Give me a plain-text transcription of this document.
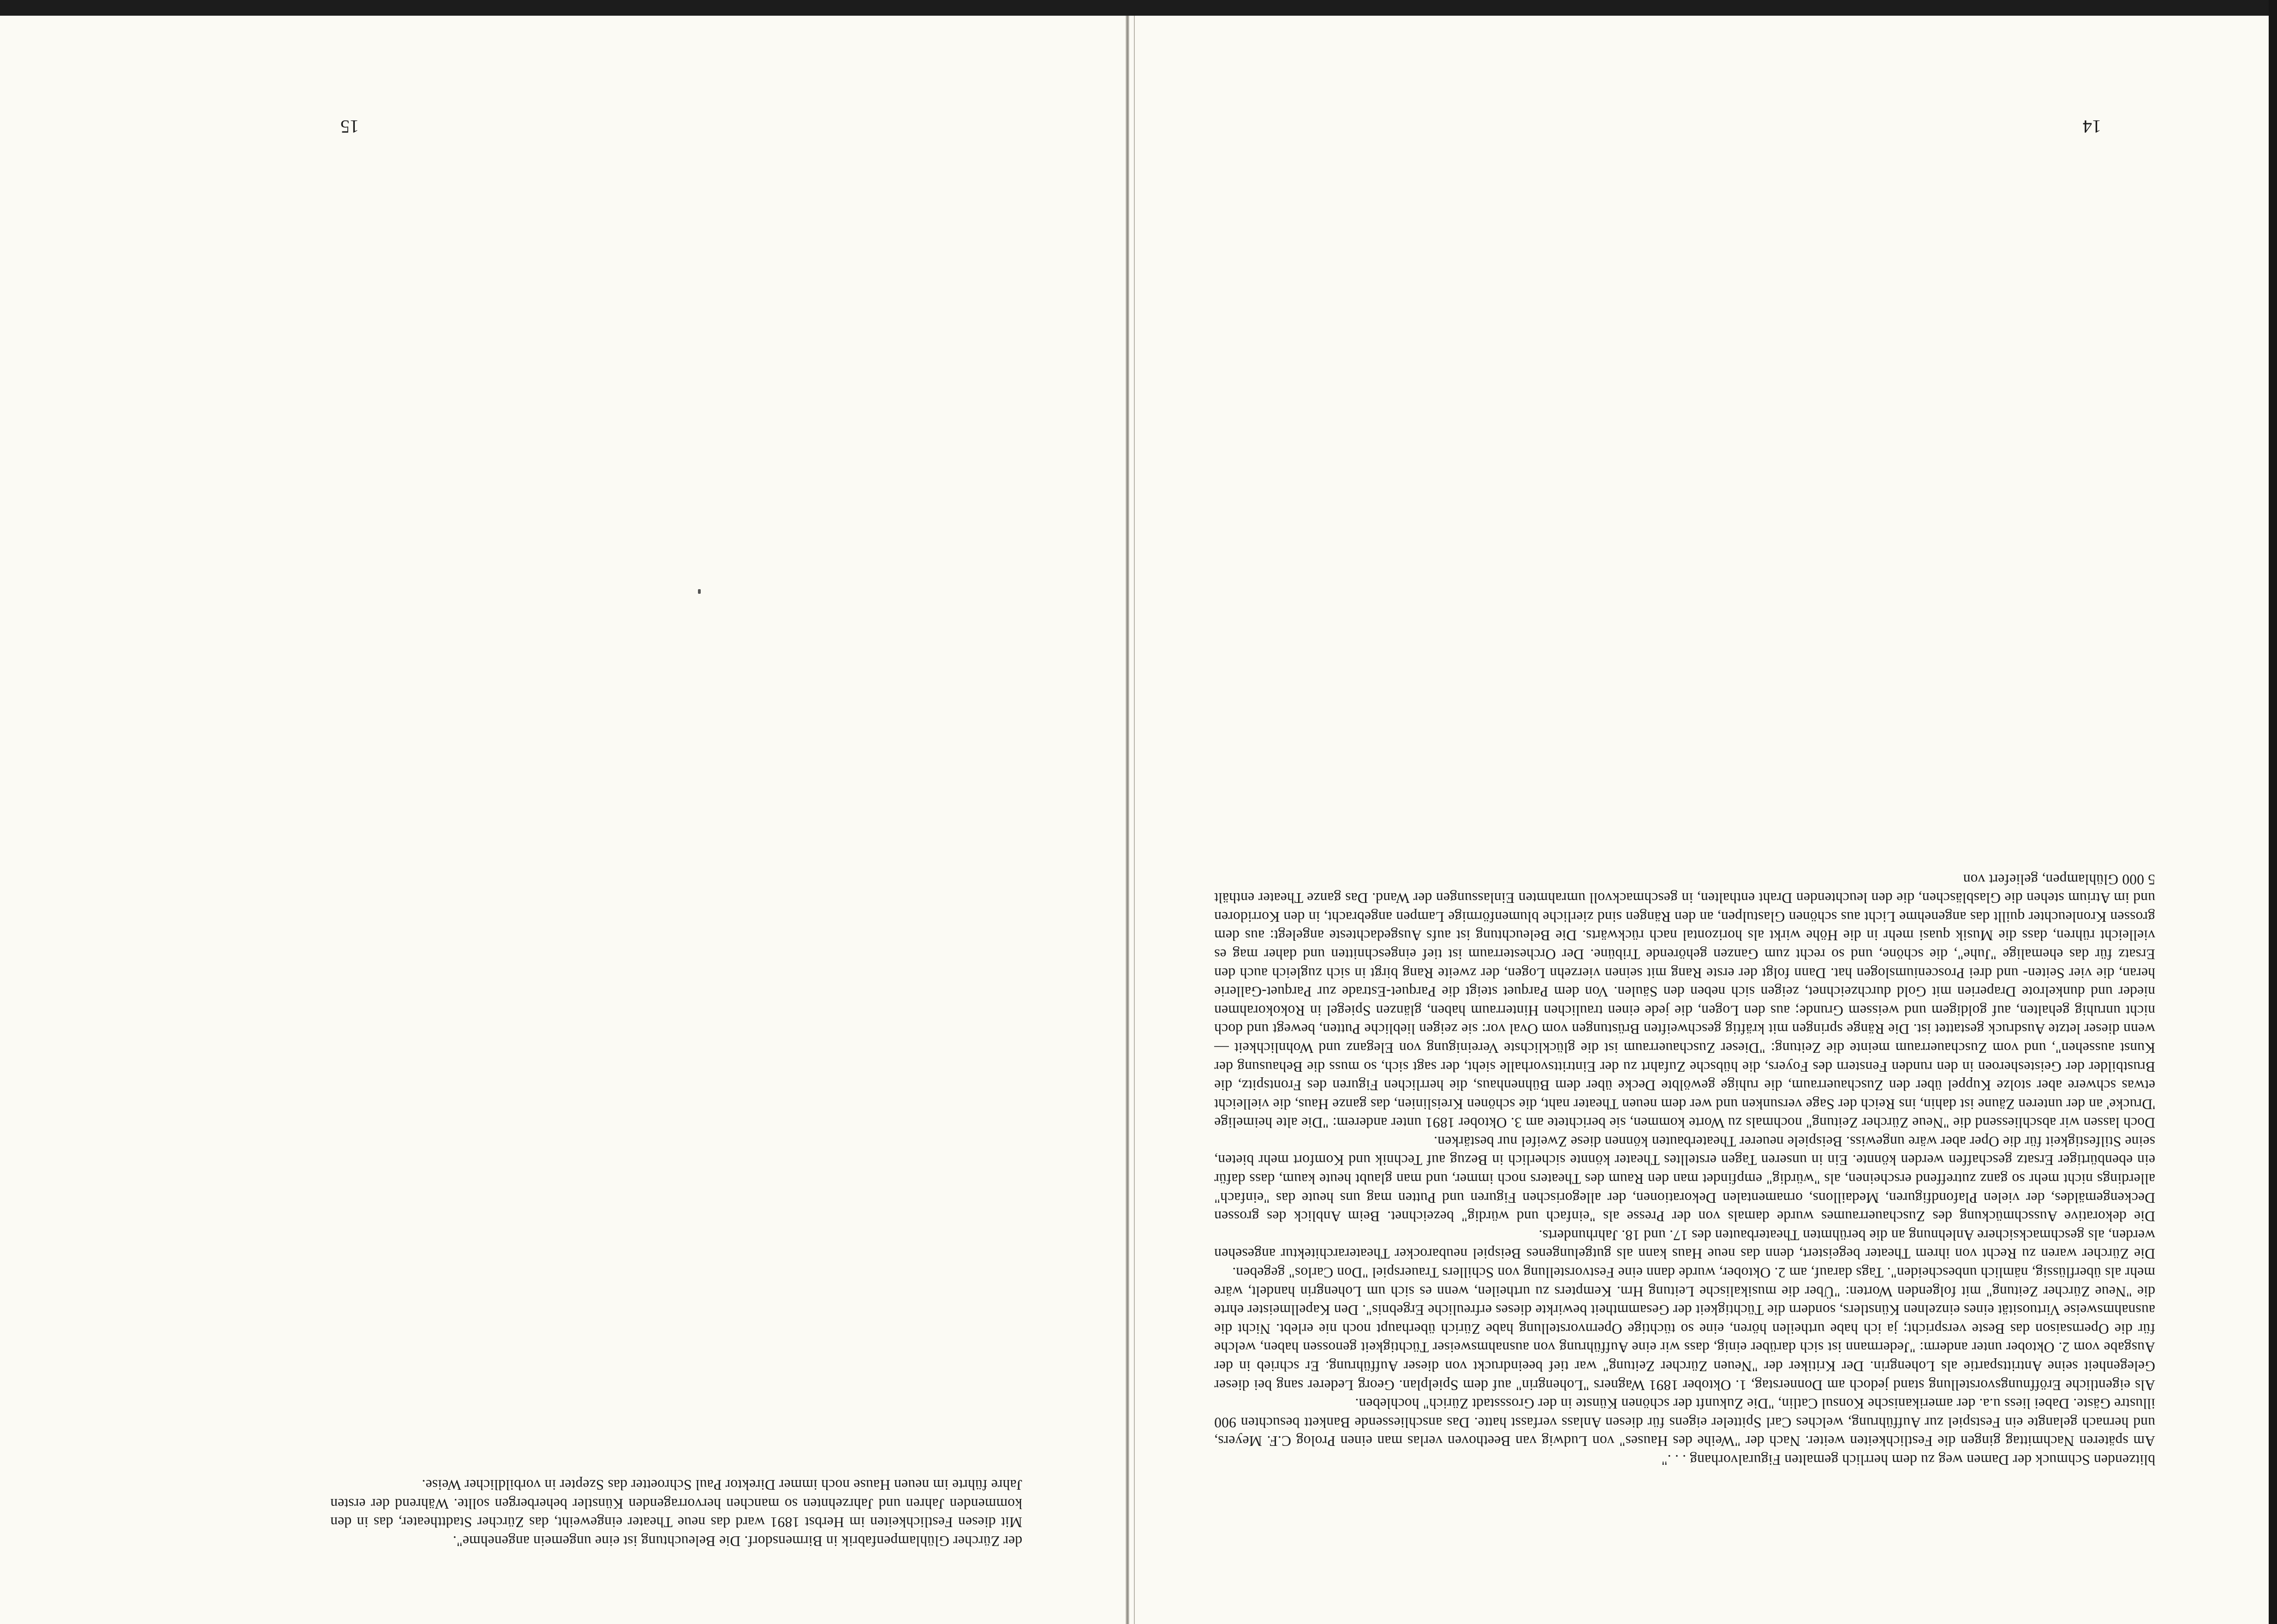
14

blitzenden Schmuck der Damen weg zu dem herrlich gemalten Figuralvorhang . . ."

Am späteren Nachmittag gingen die Festlichkeiten weiter. Nach der "Weihe des Hauses" von Ludwig van Beethoven verlas man einen Prolog C.F. Meyers, und hernach gelangte ein Festspiel zur Aufführung, welches Carl Spitteler eigens für diesen Anlass verfasst hatte. Das anschliessende Bankett besuchten 900 illustre Gäste. Dabei liess u.a. der amerikanische Konsul Catlin, "Die Zukunft der schönen Künste in der Grossstadt Zürich" hochleben.

Als eigentliche Eröffnungsvorstellung stand jedoch am Donnerstag, 1. Oktober 1891 Wagners "Lohengrin" auf dem Spielplan. Georg Lederer sang bei dieser Gelegenheit seine Antrittspartie als Lohengrin. Der Kritiker der "Neuen Zürcher Zeitung" war tief beeindruckt von dieser Aufführung. Er schrieb in der Ausgabe vom 2. Oktober unter anderm: "Jedermann ist sich darüber einig, dass wir eine Aufführung von ausnahmsweiser Tüchtigkeit genossen haben, welche für die Opernsaison das Beste verspricht; ja ich habe urtheilen hören, eine so tüchtige Opernvorstellung habe Zürich überhaupt noch nie erlebt. Nicht die ausnahmsweise Virtuosität eines einzelnen Künstlers, sondern die Tüchtigkeit der Gesammtheit bewirkte dieses erfreuliche Ergebnis". Den Kapellmeister ehrte die "Neue Zürcher Zeitung" mit folgenden Worten: "Über die musikalische Leitung Hrn. Kempters zu urtheilen, wenn es sich um Lohengrin handelt, wäre mehr als überflüssig, nämlich unbescheiden". Tags darauf, am 2. Oktober, wurde dann eine Festvorstellung von Schillers Trauerspiel "Don Carlos" gegeben.

Die Zürcher waren zu Recht von ihrem Theater begeistert, denn das neue Haus kann als gutgelungenes Beispiel neubarocker Theaterarchitektur angesehen werden, als geschmacksichere Anlehnung an die berühmten Theaterbauten des 17. und 18. Jahrhunderts.

Die dekorative Ausschmückung des Zuschauerraumes wurde damals von der Presse als "einfach und würdig" bezeichnet. Beim Anblick des grossen Deckengemäldes, der vielen Plafondfiguren, Medaillons, ornamentalen Dekorationen, der allegorischen Figuren und Putten mag uns heute das "einfach" allerdings nicht mehr so ganz zutreffend erscheinen, als "würdig" empfindet man den Raum des Theaters noch immer, und man glaubt heute kaum, dass dafür ein ebenbürtiger Ersatz geschaffen werden könnte. Ein in unseren Tagen erstelltes Theater könnte sicherlich in Bezug auf Technik und Komfort mehr bieten, seine Stilfestigkeit für die Oper aber wäre ungewiss. Beispiele neuerer Theaterbauten können diese Zweifel nur bestärken.

Doch lassen wir abschliessend die "Neue Zürcher Zeitung" nochmals zu Worte kommen, sie berichtete am 3. Oktober 1891 unter anderem: "Die alte heimelige 'Drucke' an der unteren Zäune ist dahin, ins Reich der Sage versunken und wer dem neuen Theater naht, die schönen Kreislinien, das ganze Haus, die vielleicht etwas schwere aber stolze Kuppel über den Zuschauerraum, die ruhige gewölbte Decke über dem Bühnenhaus, die herrlichen Figuren des Frontspitz, die Brustbilder der Geisteshеroen in den runden Fenstern des Foyers, die hübsche Zufahrt zu der Eintrittsvorhalle sieht, der sagt sich, so muss die Behausung der Kunst aussehen", und vom Zuschauerraum meinte die Zeitung: "Dieser Zuschauerraum ist die glücklichste Vereinigung von Eleganz und Wohnlichkeit — wenn dieser letzte Ausdruck gestattet ist. Die Ränge springen mit kräftig geschweiften Brüstungen vom Oval vor: sie zeigen liebliche Putten, bewegt und doch nicht unruhig gehalten, auf goldigem und weissem Grunde; aus den Logen, die jede einen traulichen Hinterraum haben, glänzen Spiegel in Rokokorahmen nieder und dunkelrote Draperien mit Gold durchzeichnet, zeigen sich neben den Säulen. Von dem Parquet steigt die Parquet-Estrade zur Parquet-Gallerie heran, die vier Seiten- und drei Prosceniumslogen hat. Dann folgt der erste Rang mit seinen vierzehn Logen, der zweite Rang birgt in sich zugleich auch den Ersatz für das ehemalige "Juhe", die schöne, und so recht zum Ganzen gehörende Tribüne. Der Orchesterraum ist tief eingeschnitten und daher mag es vielleicht rühren, dass die Musik quasi mehr in die Höhe wirkt als horizontal nach rückwärts. Die Beleuchtung ist aufs Ausgedachteste angelegt: aus dem grossen Kronleuchter quillt das angenehme Licht aus schönen Glastulpen, an den Rängen sind zierliche blumenförmige Lampen angebracht, in den Korridoren und im Atrium stehen die Glasbläschen, die den leuchtenden Draht enthalten, in geschmackvoll umrahmten Einlassungen der Wand. Das ganze Theater enthält 5 000 Glühlampen, geliefert von

15

der Zürcher Glühlampenfabrik in Birmensdorf. Die Beleuchtung ist eine ungemein angenehme".

Mit diesen Festlichkeiten im Herbst 1891 ward das neue Theater eingeweiht, das Zürcher Stadttheater, das in den kommenden Jahren und Jahrzehnten so manchen hervorragenden Künstler beherbergen sollte. Während der ersten Jahre führte im neuen Hause noch immer Direktor Paul Schroetter das Szepter in vorbildlicher Weise.
